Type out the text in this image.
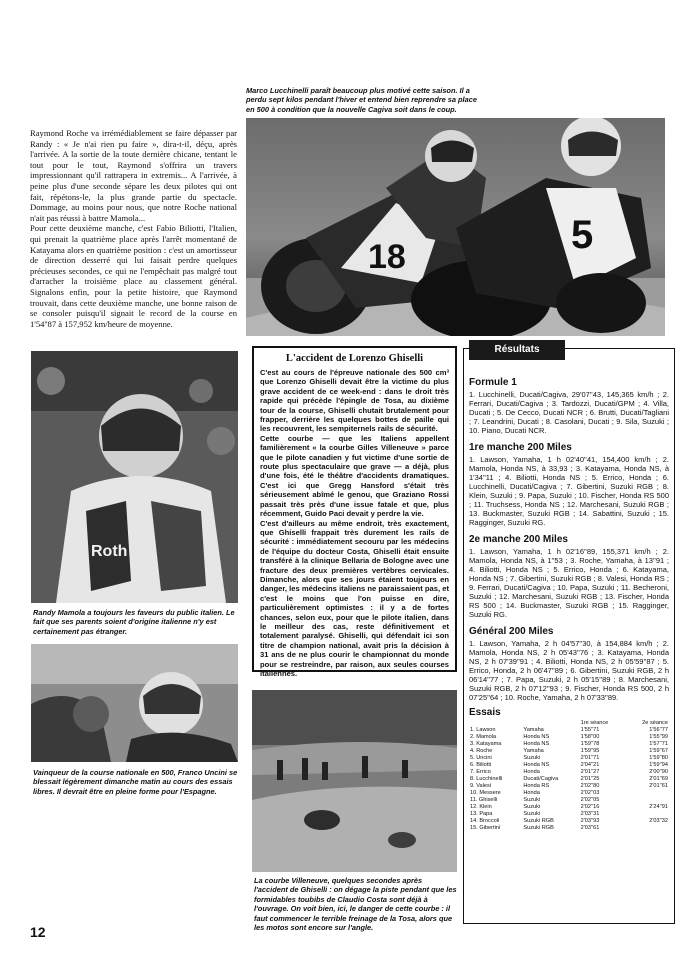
18	5
Marco Lucchinelli paraît beaucoup plus motivé cette saison. Il a perdu sept kilos pendant l'hiver et entend bien reprendre sa place en 500 à condition que la nouvelle Cagiva soit dans le coup.

Raymond Roche va irrémédiablement se faire dépasser par Randy : « Je n'ai rien pu faire », dira-t-il, déçu, après l'arrivée. A la sortie de la toute dernière chicane, tentant le tout pour le tout, Raymond s'offrira un travers impressionnant qu'il rattrapera in extremis... A l'arrivée, à peine plus d'une seconde sépare les deux pilotes qui ont fait, répétons-le, la plus grande partie du spectacle. Dommage, au moins pour nous, que notre Roche national n'ait pas réussi à battre Mamola...

Pour cette deuxième manche, c'est Fabio Biliotti, l'Italien, qui prenait la quatrième place après l'arrêt momentané de Katayama alors en quatrième position : c'est un amortisseur de direction desserré qui lui faisait perdre quelques précieuses secondes, ce qui ne l'empêchait pas malgré tout d'arracher la troisième place au classement général. Signalons enfin, pour la petite histoire, que Raymond trouvait, dans cette deuxième manche, une bonne raison de se consoler puisqu'il signait le record de la course en 1'54''87 à 157,952 km/heure de moyenne.

Roth
Randy Mamola a toujours les faveurs du public italien. Le fait que ses parents soient d'origine italienne n'y est certainement pas étranger.
Vainqueur de la course nationale en 500, Franco Uncini se blessait légèrement dimanche matin au cours des essais libres. Il devrait être en pleine forme pour l'Espagne.
L'accident de Lorenzo Ghiselli

C'est au cours de l'épreuve nationale des 500 cm³ que Lorenzo Ghiselli devait être la victime du plus grave accident de ce week-end : dans le droit très rapide qui précède l'épingle de Tosa, au dixième tour de la course, Ghiselli chutait brutalement pour frapper, derrière les quelques bottes de paille qui les recouvrent, les sempiternels rails de sécurité.

Cette courbe — que les Italiens appellent familièrement « la courbe Gilles Villeneuve » parce que le pilote canadien y fut victime d'une sortie de route plus spectaculaire que grave — a déjà, plus d'une fois, été le théâtre d'accidents dramatiques. C'est ici que Gregg Hansford s'était très sérieusement abîmé le genou, que Graziano Rossi passait très près d'une issue fatale et que, plus récemment, Guido Paci devait y perdre la vie.

C'est d'ailleurs au même endroit, très exactement, que Ghiselli frappait très durement les rails de sécurité : immédiatement secouru par les médecins de l'équipe du docteur Costa, Ghiselli était ensuite transféré à la clinique Bellaria de Bologne avec une fracture des deux premières vertèbres cervicales. Dimanche, alors que ses jours étaient toujours en danger, les médecins italiens ne paraissaient pas, et c'est le moins que l'on puisse en dire, particulièrement optimistes : il y a de fortes chances, selon eux, pour que le pilote italien, dans le meilleur des cas, reste définitivement et totalement paralysé. Ghiselli, qui défendait ici son titre de champion national, avait pris la décision à 31 ans de ne plus courir le championnat du monde pour se restreindre, par raison, aux seules courses italiennes.

La courbe Villeneuve, quelques secondes après l'accident de Ghiselli : on dégage la piste pendant que les formidables toubibs de Claudio Costa sont déjà à l'ouvrage. On voit bien, ici, le danger de cette courbe : il faut commencer le terrible freinage de la Tosa, alors que les motos sont encore sur l'angle.
Résultats
Formule 1

1. Lucchinelli, Ducati/Cagiva, 29'07''43, 145,365 km/h ; 2. Ferrari, Ducati/Cagiva ; 3. Tardozzi, Ducati/GPM ; 4. Villa, Ducati ; 5. De Cecco, Ducati NCR ; 6. Brutti, Ducati/Tagliani ; 7. Leandrini, Ducati ; 8. Casolani, Ducati ; 9. Sila, Suzuki ; 10. Piano, Ducati NCR.

1re manche 200 Miles

1. Lawson, Yamaha, 1 h 02'40''41, 154,400 km/h ; 2. Mamola, Honda NS, à 33,93 ; 3. Katayama, Honda NS, à 1'34''11 ; 4. Biliotti, Honda NS ; 5. Errico, Honda ; 6. Lucchinelli, Ducati/Cagiva ; 7. Gibertini, Suzuki RGB ; 8. Klein, Suzuki ; 9. Papa, Suzuki ; 10. Fischer, Honda RS 500 ; 11. Truchsess, Honda NS ; 12. Marchesani, Suzuki RGB ; 13. Buckmaster, Suzuki RGB ; 14. Sabattini, Suzuki ; 15. Ragginger, Suzuki RG.

2e manche 200 Miles

1. Lawson, Yamaha, 1 h 02'16''89, 155,371 km/h ; 2. Mamola, Honda NS, à 1''53 ; 3. Roche, Yamaha, à 13''91 ; 4. Biliotti, Honda NS ; 5. Errico, Honda ; 6. Katayama, Honda NS ; 7. Gibertini, Suzuki RGB ; 8. Valesi, Honda RS ; 9. Ferrari, Ducati/Cagiva ; 10. Papa, Suzuki ; 11. Becheroni, Suzuki ; 12. Marchesani, Suzuki RGB ; 13. Fischer, Honda RS 500 ; 14. Buckmaster, Suzuki RGB ; 15. Ragginger, Suzuki RG.

Général 200 Miles

1. Lawson, Yamaha, 2 h 04'57''30, à 154,884 km/h ; 2. Mamola, Honda NS, 2 h 05'43''76 ; 3. Katayama, Honda NS, 2 h 07'39''91 ; 4. Biliotti, Honda NS, 2 h 05'59''87 ; 5. Errico, Honda, 2 h 06'47''89 ; 6. Gibertini, Suzuki RGB, 2 h 06'14''77 ; 7. Papa, Suzuki, 2 h 05'15''89 ; 8. Marchesani, Suzuki RGB, 2 h 07'12''93 ; 9. Fischer, Honda RS 500, 2 h 07'25''64 ; 10. Roche, Yamaha, 2 h 07'33''89.

Essais
		1re séance	2e séance
1. Lawson	Yamaha	1'55''71	1'56''77
2. Mamola	Honda NS	1'58''00	1'55''99
3. Katayama	Honda NS	1'59''78	1'57''71
4. Roche	Yamaha	1'59''95	1'59''67
5. Uncini	Suzuki	2'01''71	1'59''80
6. Biliotti	Honda NS	2'04''21	1'59''94
7. Errico	Honda	2'01''27	2'00''90
8. Lucchinelli	Ducati/Cagiva	2'01''25	2'01''69
9. Valesi	Honda RS	2'02''80	2'01''61
10. Messere	Honda	2'02''03	
11. Ghiselli	Suzuki	2'02''05	
12. Klein	Suzuki	2'02''16	2'24''91
13. Papa	Suzuki	2'03''31	
14. Broccoli	Suzuki RGB	2'03''93	2'03''32
15. Gibertini	Suzuki RGB	2'03''61	
12
